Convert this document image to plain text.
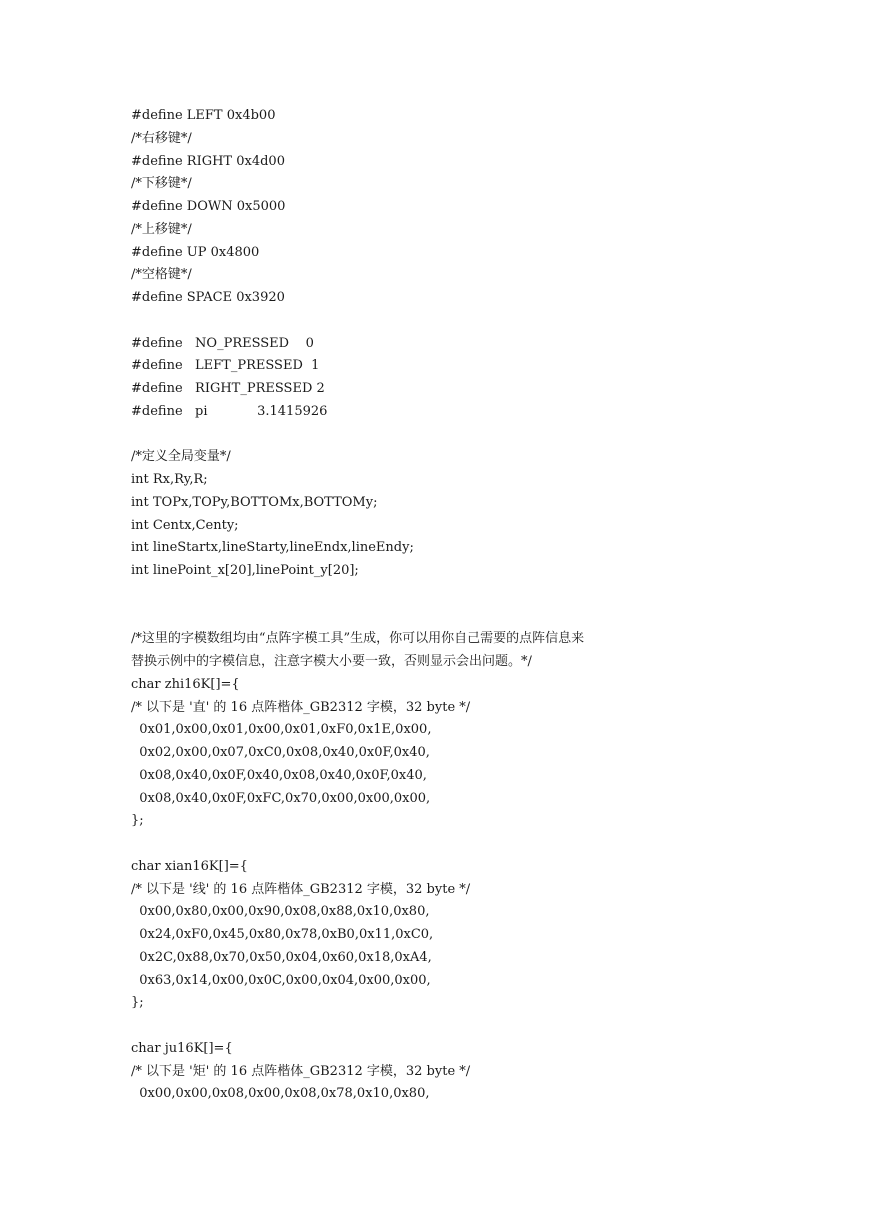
#define LEFT 0x4b00
/*右移键*/
#define RIGHT 0x4d00
/*下移键*/
#define DOWN 0x5000
/*上移键*/
#define UP 0x4800
/*空格键*/
#define SPACE 0x3920
#define   NO_PRESSED    0
#define   LEFT_PRESSED  1
#define   RIGHT_PRESSED 2
#define   pi            3.1415926
/*定义全局变量*/
int Rx,Ry,R;
int TOPx,TOPy,BOTTOMx,BOTTOMy;
int Centx,Centy;
int lineStartx,lineStarty,lineEndx,lineEndy;
int linePoint_x[20],linePoint_y[20];
/*这里的字模数组均由“点阵字模工具”生成，你可以用你自己需要的点阵信息来
替换示例中的字模信息，注意字模大小要一致，否则显示会出问题。*/
char zhi16K[]={
/* 以下是 '直' 的 16 点阵楷体_GB2312 字模，32 byte */
0x01,0x00,0x01,0x00,0x01,0xF0,0x1E,0x00,
0x02,0x00,0x07,0xC0,0x08,0x40,0x0F,0x40,
0x08,0x40,0x0F,0x40,0x08,0x40,0x0F,0x40,
0x08,0x40,0x0F,0xFC,0x70,0x00,0x00,0x00,
};
char xian16K[]={
/* 以下是 '线' 的 16 点阵楷体_GB2312 字模，32 byte */
0x00,0x80,0x00,0x90,0x08,0x88,0x10,0x80,
0x24,0xF0,0x45,0x80,0x78,0xB0,0x11,0xC0,
0x2C,0x88,0x70,0x50,0x04,0x60,0x18,0xA4,
0x63,0x14,0x00,0x0C,0x00,0x04,0x00,0x00,
};
char ju16K[]={
/* 以下是 '矩' 的 16 点阵楷体_GB2312 字模，32 byte */
0x00,0x00,0x08,0x00,0x08,0x78,0x10,0x80,
